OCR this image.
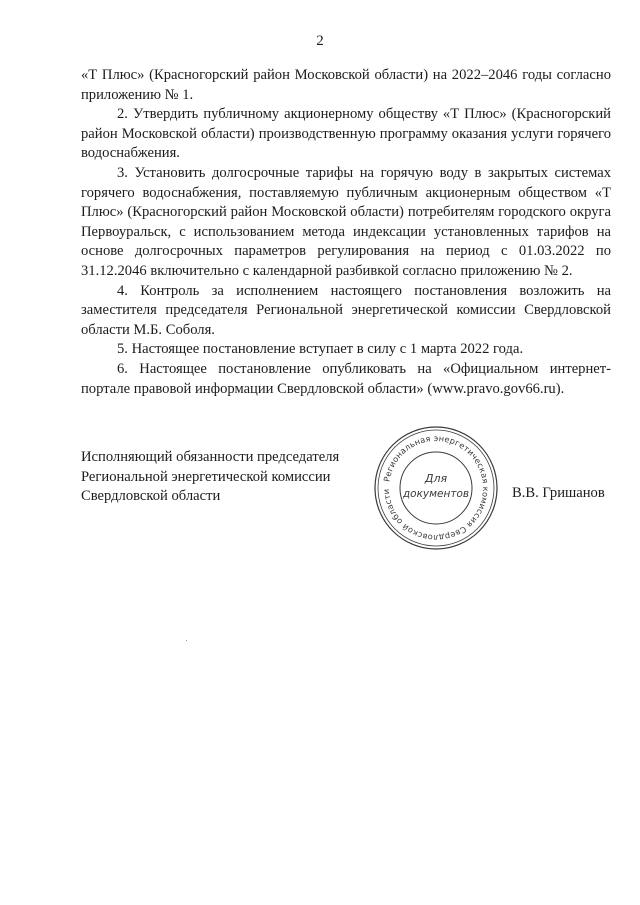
2

«Т Плюс» (Красногорский район Московской области) на 2022–2046 годы согласно приложению № 1.

2. Утвердить публичному акционерному обществу «Т Плюс» (Красногорский район Московской области) производственную программу оказания услуги горячего водоснабжения.

3. Установить долгосрочные тарифы на горячую воду в закрытых системах горячего водоснабжения, поставляемую публичным акционерным обществом «Т Плюс» (Красногорский район Московской области) потребителям городского округа Первоуральск, с использованием метода индексации установленных тарифов на основе долгосрочных параметров регулирования на период с 01.03.2022 по 31.12.2046 включительно с календарной разбивкой согласно приложению № 2.

4. Контроль за исполнением настоящего постановления возложить на заместителя председателя Региональной энергетической комиссии Свердловской области М.Б. Соболя.

5. Настоящее постановление вступает в силу с 1 марта 2022 года.

6. Настоящее постановление опубликовать на «Официальном интернет-портале правовой информации Свердловской области» (www.pravo.gov66.ru).

Исполняющий обязанности председателя
Региональной энергетической комиссии
Свердловской области
Региональная энергетическая комиссия Свердловской области
Для
документов	В.В. Гришанов
